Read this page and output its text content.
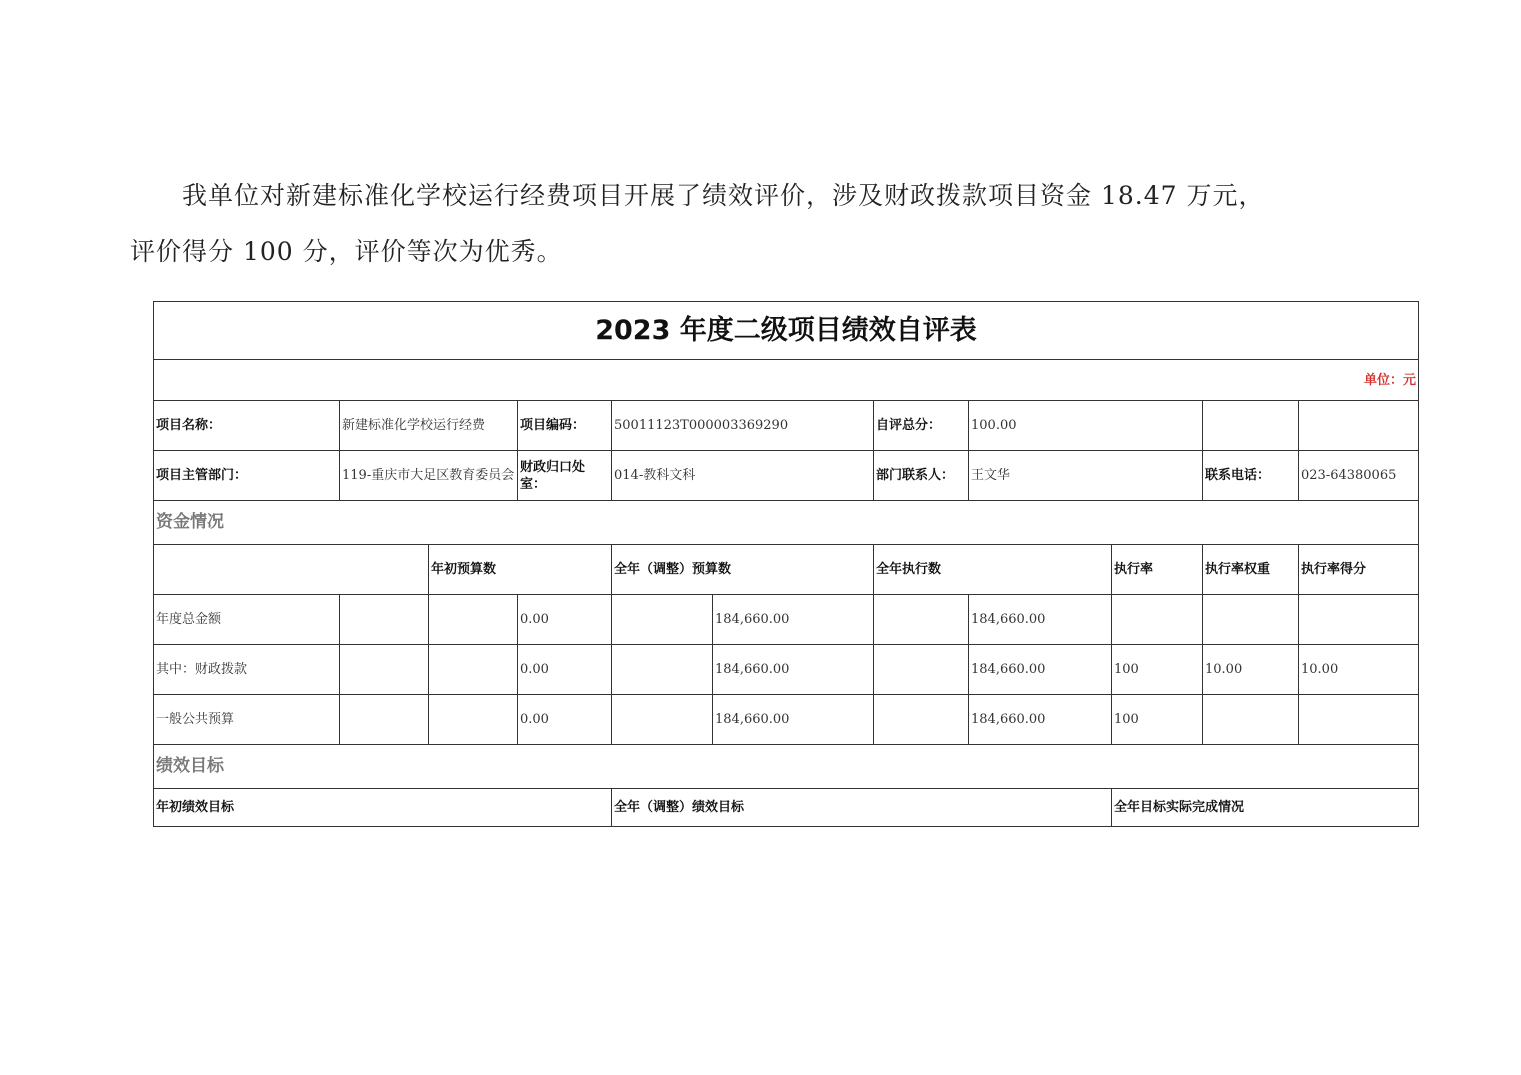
我单位对新建标准化学校运行经费项目开展了绩效评价，涉及财政拨款项目资金 18.47 万元，

评价得分 100 分，评价等次为优秀。

2023 年度二级项目绩效自评表										
单位：元										
项目名称：	新建标准化学校运行经费		项目编码：	50011123T000003369290		自评总分：	100.00			
项目主管部门：	119-重庆市大足区教育委员会		财政归口处室：	014-教科文科		部门联系人：	王文华		联系电话：	023-64380065
资金情况										
		年初预算数		全年（调整）预算数		全年执行数		执行率	执行率权重	执行率得分
年度总金额			0.00		184,660.00		184,660.00			
其中：财政拨款			0.00		184,660.00		184,660.00	100	10.00	10.00
一般公共预算			0.00		184,660.00		184,660.00	100		
绩效目标										
年初绩效目标				全年（调整）绩效目标				全年目标实际完成情况		
